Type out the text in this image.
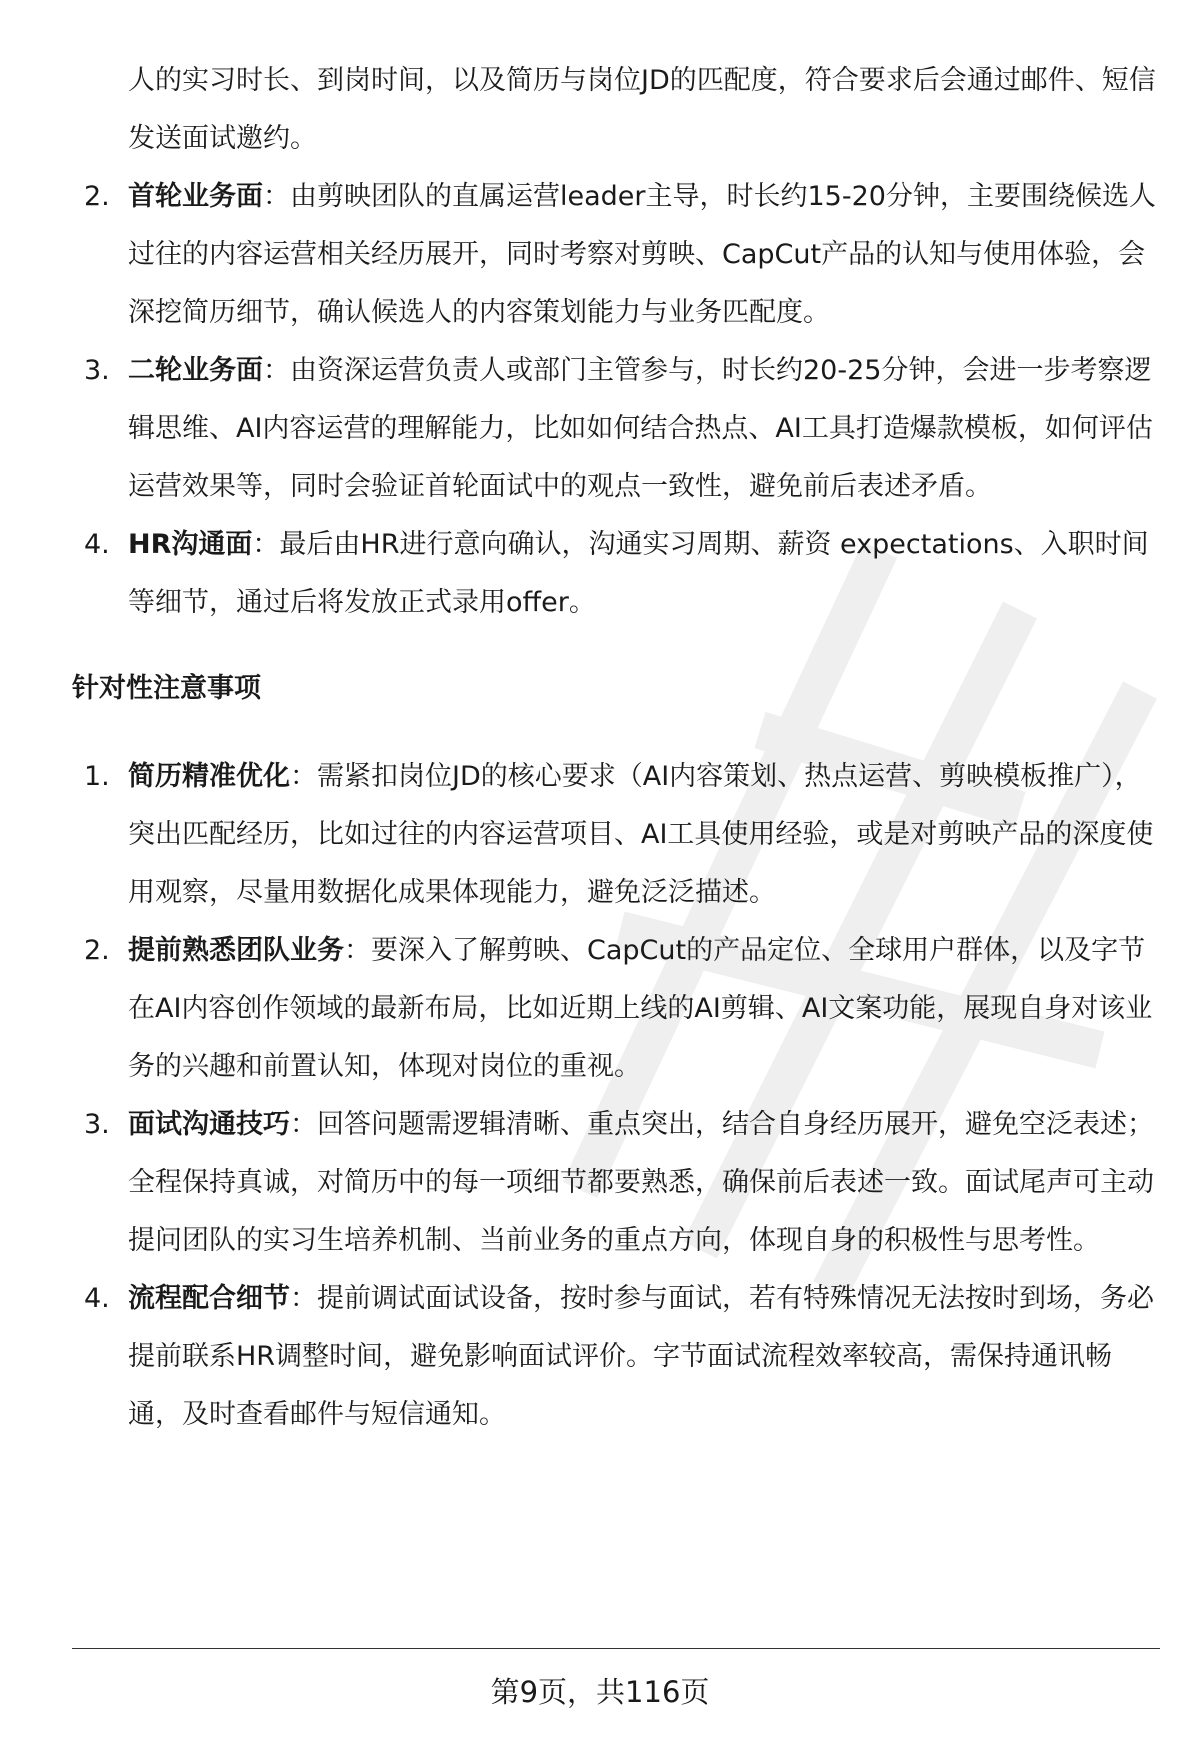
人的实习时长、到岗时间，以及简历与岗位JD的匹配度，符合要求后会通过邮件、短信发送面试邀约。

2. 首轮业务面：由剪映团队的直属运营leader主导，时长约15-20分钟，主要围绕候选人过往的内容运营相关经历展开，同时考察对剪映、CapCut产品的认知与使用体验，会深挖简历细节，确认候选人的内容策划能力与业务匹配度。
3. 二轮业务面：由资深运营负责人或部门主管参与，时长约20-25分钟，会进一步考察逻辑思维、AI内容运营的理解能力，比如如何结合热点、AI工具打造爆款模板，如何评估运营效果等，同时会验证首轮面试中的观点一致性，避免前后表述矛盾。
4. HR沟通面：最后由HR进行意向确认，沟通实习周期、薪资 expectations、入职时间等细节，通过后将发放正式录用offer。
针对性注意事项
1. 简历精准优化：需紧扣岗位JD的核心要求（AI内容策划、热点运营、剪映模板推广），突出匹配经历，比如过往的内容运营项目、AI工具使用经验，或是对剪映产品的深度使用观察，尽量用数据化成果体现能力，避免泛泛描述。
2. 提前熟悉团队业务：要深入了解剪映、CapCut的产品定位、全球用户群体，以及字节在AI内容创作领域的最新布局，比如近期上线的AI剪辑、AI文案功能，展现自身对该业务的兴趣和前置认知，体现对岗位的重视。
3. 面试沟通技巧：回答问题需逻辑清晰、重点突出，结合自身经历展开，避免空泛表述；全程保持真诚，对简历中的每一项细节都要熟悉，确保前后表述一致。面试尾声可主动提问团队的实习生培养机制、当前业务的重点方向，体现自身的积极性与思考性。
4. 流程配合细节：提前调试面试设备，按时参与面试，若有特殊情况无法按时到场，务必提前联系HR调整时间，避免影响面试评价。字节面试流程效率较高，需保持通讯畅通，及时查看邮件与短信通知。
第9页，共116页
